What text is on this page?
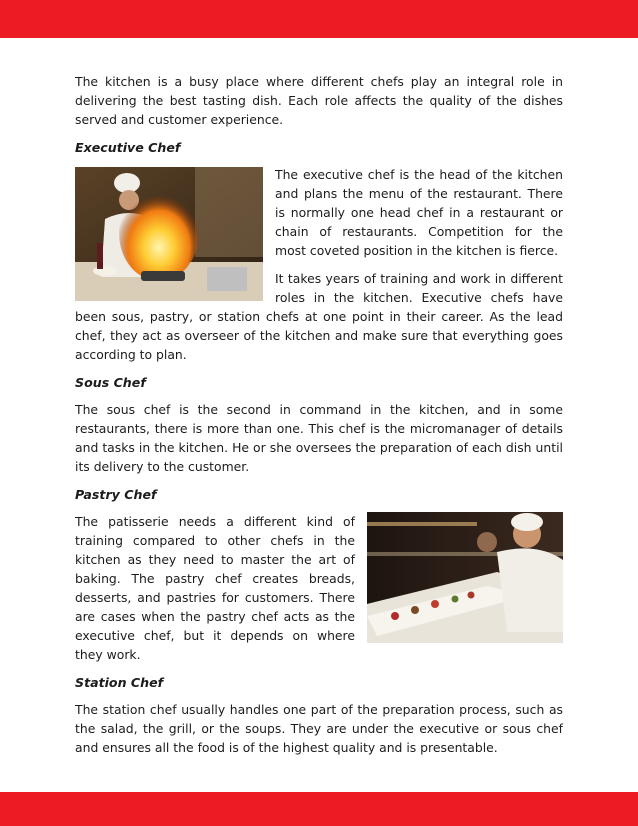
The kitchen is a busy place where different chefs play an integral role in delivering the best tasting dish. Each role affects the quality of the dishes served and customer experience.

Executive Chef

The executive chef is the head of the kitchen and plans the menu of the restaurant. There is normally one head chef in a restaurant or chain of restaurants. Competition for the most coveted position in the kitchen is fierce.

It takes years of training and work in different roles in the kitchen. Executive chefs have been sous, pastry, or station chefs at one point in their career. As the lead chef, they act as overseer of the kitchen and make sure that everything goes according to plan.

Sous Chef

The sous chef is the second in command in the kitchen, and in some restaurants, there is more than one. This chef is the micromanager of details and tasks in the kitchen. He or she oversees the preparation of each dish until its delivery to the customer.

Pastry Chef

The patisserie needs a different kind of training compared to other chefs in the kitchen as they need to master the art of baking. The pastry chef creates breads, desserts, and pastries for customers. There are cases when the pastry chef acts as the executive chef, but it depends on where they work.

Station Chef

The station chef usually handles one part of the preparation process, such as the salad, the grill, or the soups. They are under the executive or sous chef and ensures all the food is of the highest quality and is presentable.
